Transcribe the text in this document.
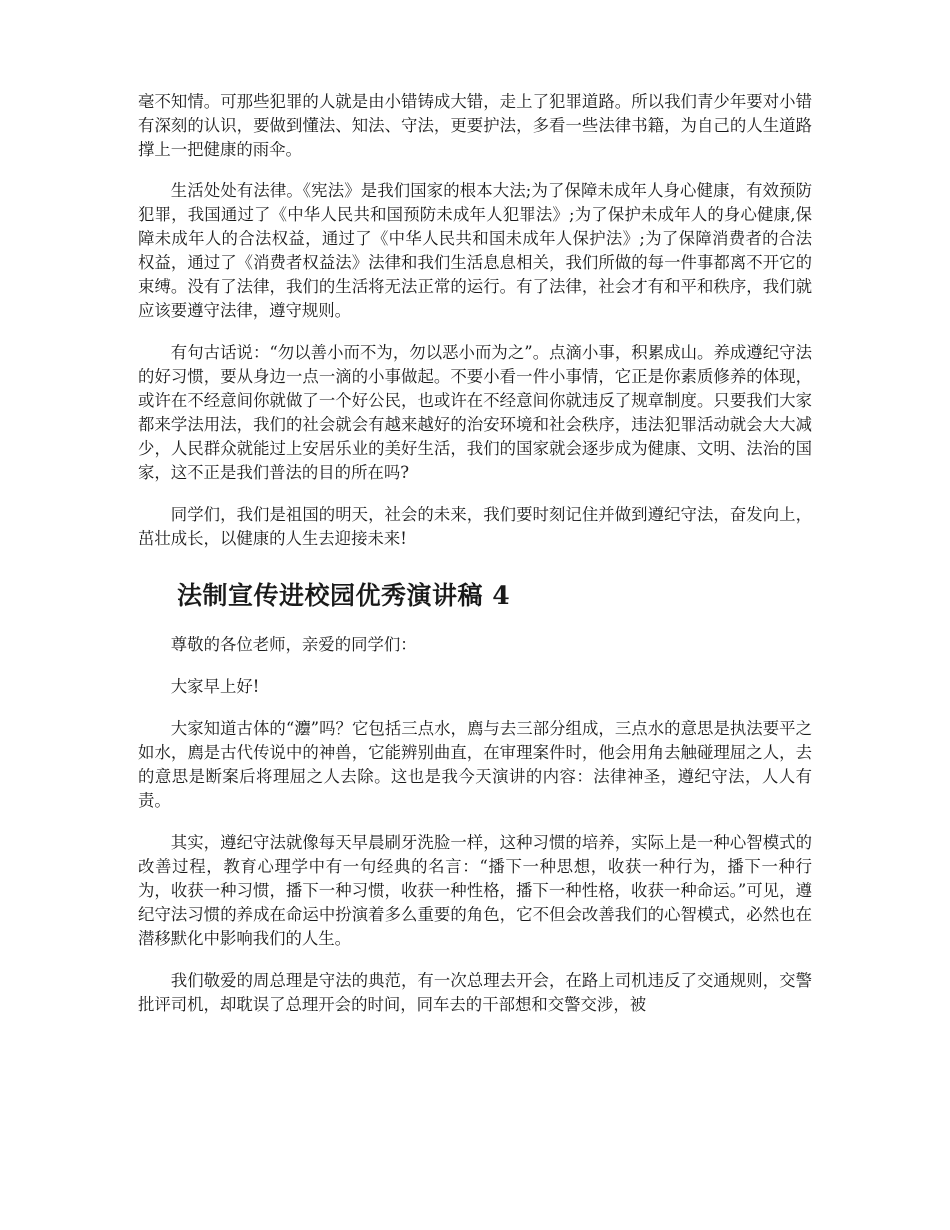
毫不知情。可那些犯罪的人就是由小错铸成大错，走上了犯罪道路。所以我们青少年要对小错有深刻的认识，要做到懂法、知法、守法，更要护法，多看一些法律书籍，为自己的人生道路撑上一把健康的雨伞。

生活处处有法律。《宪法》是我们国家的根本大法;为了保障未成年人身心健康，有效预防犯罪，我国通过了《中华人民共和国预防未成年人犯罪法》;为了保护未成年人的身心健康,保障未成年人的合法权益，通过了《中华人民共和国未成年人保护法》;为了保障消费者的合法权益，通过了《消费者权益法》法律和我们生活息息相关，我们所做的每一件事都离不开它的束缚。没有了法律，我们的生活将无法正常的运行。有了法律，社会才有和平和秩序，我们就应该要遵守法律，遵守规则。

有句古话说：“勿以善小而不为，勿以恶小而为之”。点滴小事，积累成山。养成遵纪守法的好习惯，要从身边一点一滴的小事做起。不要小看一件小事情，它正是你素质修养的体现，或许在不经意间你就做了一个好公民，也或许在不经意间你就违反了规章制度。只要我们大家都来学法用法，我们的社会就会有越来越好的治安环境和社会秩序，违法犯罪活动就会大大减少，人民群众就能过上安居乐业的美好生活，我们的国家就会逐步成为健康、文明、法治的国家，这不正是我们普法的目的所在吗?

同学们，我们是祖国的明天，社会的未来，我们要时刻记住并做到遵纪守法，奋发向上，茁壮成长，以健康的人生去迎接未来!

法制宣传进校园优秀演讲稿 4

尊敬的各位老师，亲爱的同学们：

大家早上好!

大家知道古体的“灋”吗？它包括三点水，廌与去三部分组成，三点水的意思是执法要平之如水，廌是古代传说中的神兽，它能辨别曲直，在审理案件时，他会用角去触碰理屈之人，去的意思是断案后将理屈之人去除。这也是我今天演讲的内容：法律神圣，遵纪守法，人人有责。

其实，遵纪守法就像每天早晨刷牙洗脸一样，这种习惯的培养，实际上是一种心智模式的改善过程，教育心理学中有一句经典的名言：“播下一种思想，收获一种行为，播下一种行为，收获一种习惯，播下一种习惯，收获一种性格，播下一种性格，收获一种命运。”可见，遵纪守法习惯的养成在命运中扮演着多么重要的角色，它不但会改善我们的心智模式，必然也在潜移默化中影响我们的人生。

我们敬爱的周总理是守法的典范，有一次总理去开会，在路上司机违反了交通规则，交警批评司机，却耽误了总理开会的时间，同车去的干部想和交警交涉，被
